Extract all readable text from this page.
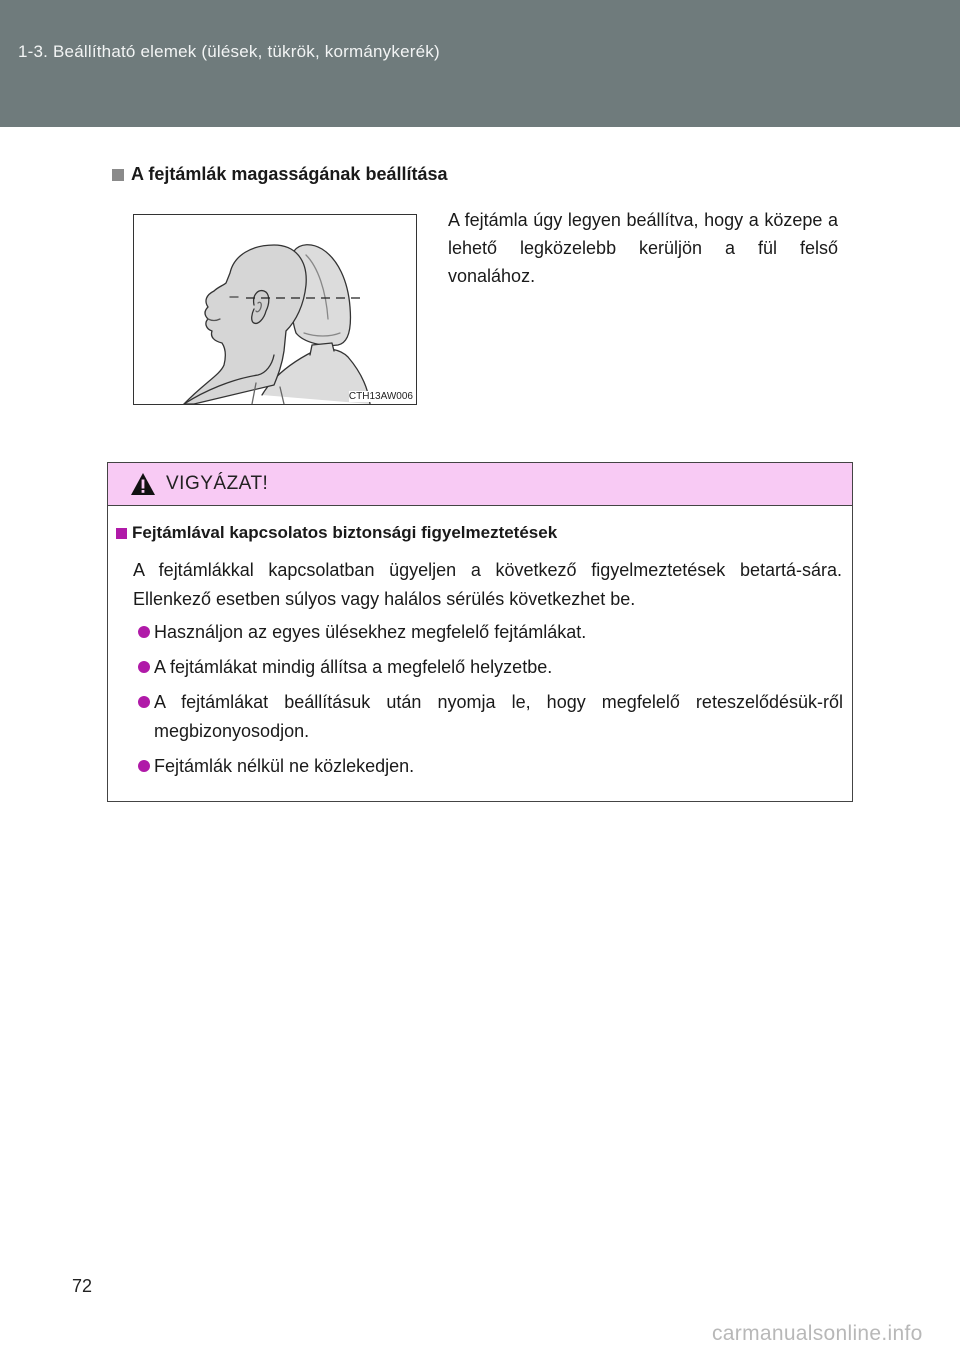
1-3. Beállítható elemek (ülések, tükrök, kormánykerék)
A fejtámlák magasságának beállítása
CTH13AW006
A fejtámla úgy legyen beállítva, hogy a közepe a lehető legközelebb kerüljön a fül felső vonalához.
VIGYÁZAT!
Fejtámlával kapcsolatos biztonsági figyelmeztetések
A fejtámlákkal kapcsolatban ügyeljen a következő figyelmeztetések betartá-sára. Ellenkező esetben súlyos vagy halálos sérülés következhet be.
Használjon az egyes ülésekhez megfelelő fejtámlákat.
A fejtámlákat mindig állítsa a megfelelő helyzetbe.
A fejtámlákat beállításuk után nyomja le, hogy megfelelő reteszelődésük-ről megbizonyosodjon.
Fejtámlák nélkül ne közlekedjen.
72
carmanualsonline.info
